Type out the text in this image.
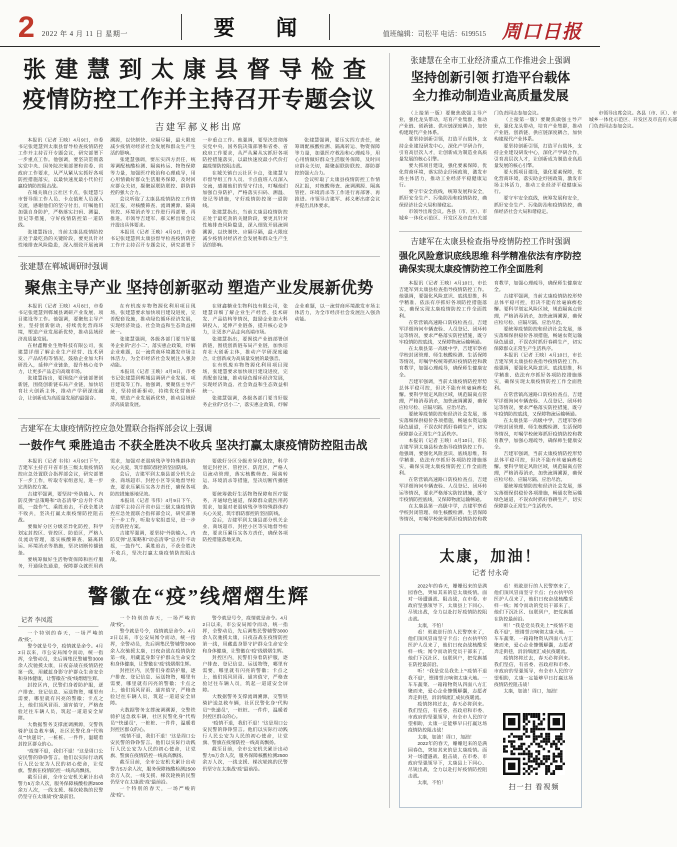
2 2022 年 4 月 11 日 星期一	要 闻	值班编辑：司松平 电话：6199515 周口日报
张建慧到太康县督导检查
疫情防控工作并主持召开专题会议
吉建军郝义彬出席

本报讯（记者 王映）4月9日，市委书记张建慧到太康县督导检查疫情防控工作并主持召开专题会议，研究部署下一步重点工作。他强调，要坚决贯彻落实党中央、国务院决策部署和省委、省政府工作要求，从严从紧从实抓好各项防控措施落实，以最快速度最小代价打赢疫情防控阻击战。

在城关镇白云社区卡点，张建慧与市督导组工作人员、卡点值班人员深入交流，感谢他们的坚守付出，叮嘱他们加强自身防护，严格落实扫码、测温、登记等措施，守好疫情防控第一道防线。

张建慧指出，当前太康县疫情防控正处于最吃劲的关键阶段，要更具针对性地排查风险隐患，深入细致开展流调溯源，以快制快、应隔尽隔，最大限度减少疫情对经济社会发展和群众生产生活的影响。

张建慧强调，要压实四方责任，统筹调配核酸检测、隔离转运、物资保障等力量，加强医疗救治和心理疏导，用心用情做好群众生活服务保障，及时回应群众关切，凝聚起联防联控、群防群控的强大合力。

会议听取了太康县疫情防控工作情况汇报，对核酸筛查、流调溯源、隔离管控、环境消杀等工作进行再部署、再推进。市领导吉建军、郝义彬出席会议并提出具体要求。

本报讯（记者 王映）4月9日，市委书记张建慧到太康县督导检查疫情防控工作并主持召开专题会议，研究部署下一步重点工作。他强调，要坚决贯彻落实党中央、国务院决策部署和省委、省政府工作要求，从严从紧从实抓好各项防控措施落实，以最快速度最小代价打赢疫情防控阻击战。

在城关镇白云社区卡点，张建慧与市督导组工作人员、卡点值班人员深入交流，感谢他们的坚守付出，叮嘱他们加强自身防护，严格落实扫码、测温、登记等措施，守好疫情防控第一道防线。

张建慧指出，当前太康县疫情防控正处于最吃劲的关键阶段，要更具针对性地排查风险隐患，深入细致开展流调溯源，以快制快、应隔尽隔，最大限度减少疫情对经济社会发展和群众生产生活的影响。

张建慧强调，要压实四方责任，统筹调配核酸检测、隔离转运、物资保障等力量，加强医疗救治和心理疏导，用心用情做好群众生活服务保障，及时回应群众关切，凝聚起联防联控、群防群控的强大合力。

会议听取了太康县疫情防控工作情况汇报，对核酸筛查、流调溯源、隔离管控、环境消杀等工作进行再部署、再推进。市领导吉建军、郝义彬出席会议并提出具体要求。

张建慧在郸城调研时强调
聚焦主导产业 坚持创新驱动 塑造产业发展新优势

本报讯（记者 王映）4月8日，市委书记张建慧到郸城县调研产业发展、项目建设等工作。他强调，要聚焦主导产业，坚持创新驱动，持续优化营商环境，塑造产业发展新优势，推动县域经济高质量发展。

在财鑫糖业生物科技有限公司，张建慧详细了解企业生产经营、技术研发、产品结构等情况，鼓励企业加大科研投入，延伸产业链条，提升核心竞争力，让更多产品走向高端市场。

张建慧指出，要围绕产业链部署创新链，围绕创新链布局产业链，加快培育壮大创新主体，推动产学研深度融合，让创新成为高质量发展的最强音。

在有机废弃物资源化利用项目现场，张建慧要求加快项目建设进度，完善配套设施，推动绿色循环经济发展，实现经济效益、社会效益和生态效益相统一。

张建慧强调，各级各部门要当好服务企业的“店小二”，落实惠企政策，纾解企业难题，以一流营商环境激发市场主体活力，为全市经济社会发展注入强劲动能。

本报讯（记者 王映）4月8日，市委书记张建慧到郸城县调研产业发展、项目建设等工作。他强调，要聚焦主导产业，坚持创新驱动，持续优化营商环境，塑造产业发展新优势，推动县域经济高质量发展。

在财鑫糖业生物科技有限公司，张建慧详细了解企业生产经营、技术研发、产品结构等情况，鼓励企业加大科研投入，延伸产业链条，提升核心竞争力，让更多产品走向高端市场。

张建慧指出，要围绕产业链部署创新链，围绕创新链布局产业链，加快培育壮大创新主体，推动产学研深度融合，让创新成为高质量发展的最强音。

在有机废弃物资源化利用项目现场，张建慧要求加快项目建设进度，完善配套设施，推动绿色循环经济发展，实现经济效益、社会效益和生态效益相统一。

张建慧强调，各级各部门要当好服务企业的“店小二”，落实惠企政策，纾解企业难题，以一流营商环境激发市场主体活力，为全市经济社会发展注入强劲动能。

吉建军在太康疫情防控应急处置联合指挥部会议上强调
一鼓作气 乘胜追击 不获全胜决不收兵 坚决打赢太康疫情防控阻击战

本报讯（记者 韦伟）4月9日下午，吉建军主持召开省市县三级太康疫情防控应急处置联合指挥部会议，研究部署下一步工作，听取专家组意见，进一步完善防控方案。

吉建军强调，要坚持“外防输入、内防反弹”总策略和“动态清零”总方针不动摇，一鼓作气、乘胜追击，不获全胜决不收兵，坚决打赢太康疫情防控阻击战。

要做好分区分级差异化防控，科学划定封控区、管控区、防范区，严格人员流动管理，落实核酸筛查、隔离转运、环境消杀等措施，坚决切断传播链条。

要统筹做好生活物资保障和医疗服务，开通绿色通道，保障群众就医用药需求，加强对老弱病残孕等特殊群体的关心关爱，筑牢群防群控的坚固防线。

会后，吉建军到太康县部分机关企业、商场超市、封控小区等实地督导检查，要求压紧压实各方责任，确保各项防控措施落地见效。

本报讯（记者 韦伟）4月9日下午，吉建军主持召开省市县三级太康疫情防控应急处置联合指挥部会议，研究部署下一步工作，听取专家组意见，进一步完善防控方案。

吉建军强调，要坚持“外防输入、内防反弹”总策略和“动态清零”总方针不动摇，一鼓作气、乘胜追击，不获全胜决不收兵，坚决打赢太康疫情防控阻击战。

要做好分区分级差异化防控，科学划定封控区、管控区、防范区，严格人员流动管理，落实核酸筛查、隔离转运、环境消杀等措施，坚决切断传播链条。

要统筹做好生活物资保障和医疗服务，开通绿色通道，保障群众就医用药需求，加强对老弱病残孕等特殊群体的关心关爱，筑牢群防群控的坚固防线。

会后，吉建军到太康县部分机关企业、商场超市、封控小区等实地督导检查，要求压紧压实各方责任，确保各项防控措施落地见效。

警徽在“疫”线熠熠生辉

记者 李凤霞

一个特别的春天，一场严峻的战“疫”。

警令就是号令，疫情就是命令。4月2日以来，市公安局闻令而动，统一指挥，全警动员，先后调集民警辅警3000余人次驰援太康，日夜奋战在疫情防控第一线，用藏蓝身影守护群众生命安全和身体健康，让警徽在“疫”线熠熠生辉。

封控区内，民警们身着防护服，逐户排查、登记信息、运送物资，哪里有需要，哪里就有闪亮的警徽；卡点之上，他们顶风冒雨、通宵值守，严格查验过往车辆人员，筑起一道道安全屏障。

大数据警务支撑流调溯源，交警铁骑护送急救车辆，社区民警化身“代购员”“快递员”，一桩桩、一件件，温暖着封控区群众的心。

“疫情不退，我们不退！”这是周口公安民警的铮铮誓言。他们以实际行动践行人民公安为人民的初心使命，让党旗、警旗在疫情防控一线高高飘扬。

截至目前，全市公安机关累计出动警力5万余人次，服务保障核酸检测2500余万人次，一线支援、梯次轮换的民警仍坚守在太康战“疫”最前沿。

一个特别的春天，一场严峻的战“疫”。

警令就是号令，疫情就是命令。4月2日以来，市公安局闻令而动，统一指挥，全警动员，先后调集民警辅警3000余人次驰援太康，日夜奋战在疫情防控第一线，用藏蓝身影守护群众生命安全和身体健康，让警徽在“疫”线熠熠生辉。

封控区内，民警们身着防护服，逐户排查、登记信息、运送物资，哪里有需要，哪里就有闪亮的警徽；卡点之上，他们顶风冒雨、通宵值守，严格查验过往车辆人员，筑起一道道安全屏障。

大数据警务支撑流调溯源，交警铁骑护送急救车辆，社区民警化身“代购员”“快递员”，一桩桩、一件件，温暖着封控区群众的心。

“疫情不退，我们不退！”这是周口公安民警的铮铮誓言。他们以实际行动践行人民公安为人民的初心使命，让党旗、警旗在疫情防控一线高高飘扬。

截至目前，全市公安机关累计出动警力5万余人次，服务保障核酸检测2500余万人次，一线支援、梯次轮换的民警仍坚守在太康战“疫”最前沿。

一个特别的春天，一场严峻的战“疫”。

警令就是号令，疫情就是命令。4月2日以来，市公安局闻令而动，统一指挥，全警动员，先后调集民警辅警3000余人次驰援太康，日夜奋战在疫情防控第一线，用藏蓝身影守护群众生命安全和身体健康，让警徽在“疫”线熠熠生辉。

封控区内，民警们身着防护服，逐户排查、登记信息、运送物资，哪里有需要，哪里就有闪亮的警徽；卡点之上，他们顶风冒雨、通宵值守，严格查验过往车辆人员，筑起一道道安全屏障。

大数据警务支撑流调溯源，交警铁骑护送急救车辆，社区民警化身“代购员”“快递员”，一桩桩、一件件，温暖着封控区群众的心。

“疫情不退，我们不退！”这是周口公安民警的铮铮誓言。他们以实际行动践行人民公安为人民的初心使命，让党旗、警旗在疫情防控一线高高飘扬。

截至目前，全市公安机关累计出动警力5万余人次，服务保障核酸检测2500余万人次，一线支援、梯次轮换的民警仍坚守在太康战“疫”最前沿。

张建慧在全市工业经济重点工作推进会上强调
坚持创新引领 打造平台载体
全力推动制造业高质量发展

（上接第一版）要聚焦做强主导产业，强化龙头带动，培育产业集群，推动产业链、创新链、供应链深度耦合，加快构建现代产业体系。

要坚持创新引领，打造平台载体，支持企业建设研发中心，深化产学研合作，引育高层次人才，让创新成为制造业高质量发展的核心引擎。

要大抓项目建设，强化要素保障，优化营商环境，落实助企纾困政策，激发市场主体活力，推动工业经济平稳健康运行。

要守牢安全底线，统筹发展和安全，抓好安全生产、污染防治和疫情防控，确保经济社会大局和谐稳定。

市领导出席会议。各县（市、区）、市城乡一体化示范区、开发区及市直有关部门负责同志参加会议。

（上接第一版）要聚焦做强主导产业，强化龙头带动，培育产业集群，推动产业链、创新链、供应链深度耦合，加快构建现代产业体系。

要坚持创新引领，打造平台载体，支持企业建设研发中心，深化产学研合作，引育高层次人才，让创新成为制造业高质量发展的核心引擎。

要大抓项目建设，强化要素保障，优化营商环境，落实助企纾困政策，激发市场主体活力，推动工业经济平稳健康运行。

要守牢安全底线，统筹发展和安全，抓好安全生产、污染防治和疫情防控，确保经济社会大局和谐稳定。

市领导出席会议。各县（市、区）、市城乡一体化示范区、开发区及市直有关部门负责同志参加会议。

吉建军在太康县检查指导疫情防控工作时强调
强化风险意识底线思维 科学精准依法有序防控
确保实现太康疫情防控工作全面胜利

本报讯（记者 王映）4月10日，市长吉建军到太康县检查指导疫情防控工作。他强调，要强化风险意识、底线思维，科学精准、依法有序抓好各项防控措施落实，确保实现太康疫情防控工作全面胜利。

在常营镇高速路口防疫检查点，吉建军详细询问车辆查验、人员登记、闭环转运等情况，要求严格落实防控措施，既守牢疫情防控底线，又保障物流运输畅通。

在太康县第一高级中学，吉建军察看学校封闭管理、师生核酸检测、生活保障等情况，叮嘱学校统筹抓好疫情防控和教育教学，加强心理疏导，确保师生健康安全。

吉建军强调，当前太康疫情防控形势总体平稳可控，但决不能有丝毫麻痹松懈。要科学划定风险区域，规范隔离点管理，严格消毒消杀，加快流调溯源，确保应检尽检、应隔尽隔、应治尽治。

要统筹疫情防控和经济社会发展，落实落细保供稳价各项措施，畅通农资运输绿色通道，不误农时抓好春耕生产，切实保障群众正常生产生活秩序。

本报讯（记者 王映）4月10日，市长吉建军到太康县检查指导疫情防控工作。他强调，要强化风险意识、底线思维，科学精准、依法有序抓好各项防控措施落实，确保实现太康疫情防控工作全面胜利。

在常营镇高速路口防疫检查点，吉建军详细询问车辆查验、人员登记、闭环转运等情况，要求严格落实防控措施，既守牢疫情防控底线，又保障物流运输畅通。

在太康县第一高级中学，吉建军察看学校封闭管理、师生核酸检测、生活保障等情况，叮嘱学校统筹抓好疫情防控和教育教学，加强心理疏导，确保师生健康安全。

吉建军强调，当前太康疫情防控形势总体平稳可控，但决不能有丝毫麻痹松懈。要科学划定风险区域，规范隔离点管理，严格消毒消杀，加快流调溯源，确保应检尽检、应隔尽隔、应治尽治。

要统筹疫情防控和经济社会发展，落实落细保供稳价各项措施，畅通农资运输绿色通道，不误农时抓好春耕生产，切实保障群众正常生产生活秩序。

本报讯（记者 王映）4月10日，市长吉建军到太康县检查指导疫情防控工作。他强调，要强化风险意识、底线思维，科学精准、依法有序抓好各项防控措施落实，确保实现太康疫情防控工作全面胜利。

在常营镇高速路口防疫检查点，吉建军详细询问车辆查验、人员登记、闭环转运等情况，要求严格落实防控措施，既守牢疫情防控底线，又保障物流运输畅通。

在太康县第一高级中学，吉建军察看学校封闭管理、师生核酸检测、生活保障等情况，叮嘱学校统筹抓好疫情防控和教育教学，加强心理疏导，确保师生健康安全。

吉建军强调，当前太康疫情防控形势总体平稳可控，但决不能有丝毫麻痹松懈。要科学划定风险区域，规范隔离点管理，严格消毒消杀，加快流调溯源，确保应检尽检、应隔尽隔、应治尽治。

要统筹疫情防控和经济社会发展，落实落细保供稳价各项措施，畅通农资运输绿色通道，不误农时抓好春耕生产，切实保障群众正常生产生活秩序。

太康，加油！
记者 付永奇

2022年的春天，姗姗迟来的是满园春色，突如其来的是太康疫情。面对一场遭遇战、阻击战，在市委、市政府坚强领导下，太康县上下同心、尽锐出战，全力以赴打好疫情防控阻击战。

太康，不怕！

看！勇敢逆行的人民警察来了，他们顶风冒雨坚守卡点；白衣执甲的医护人员来了，他们日夜奋战核酸采样一线；闻令而动的党员干部来了，他们下沉社区、包联到户，把党旗插在防控最前沿。

听！“我是党员我先上”“疫情不退我不退”，铿锵誓言响彻太康大地。一车车蔬菜、一箱箱物资从四面八方汇聚而来，爱心企业慷慨解囊，志愿者奔走街巷，涓涓细流汇成抗疫暖流。

疫情终将过去，春天必将到来。我们坚信，有省委、省政府和市委、市政府的坚强领导，有全市人民的守望相助，太康一定能够早日打赢这场疫情防控阻击战！

太康，加油！周口，加油！

2022年的春天，姗姗迟来的是满园春色，突如其来的是太康疫情。面对一场遭遇战、阻击战，在市委、市政府坚强领导下，太康县上下同心、尽锐出战，全力以赴打好疫情防控阻击战。

太康，不怕！

看！勇敢逆行的人民警察来了，他们顶风冒雨坚守卡点；白衣执甲的医护人员来了，他们日夜奋战核酸采样一线；闻令而动的党员干部来了，他们下沉社区、包联到户，把党旗插在防控最前沿。

听！“我是党员我先上”“疫情不退我不退”，铿锵誓言响彻太康大地。一车车蔬菜、一箱箱物资从四面八方汇聚而来，爱心企业慷慨解囊，志愿者奔走街巷，涓涓细流汇成抗疫暖流。

疫情终将过去，春天必将到来。我们坚信，有省委、省政府和市委、市政府的坚强领导，有全市人民的守望相助，太康一定能够早日打赢这场疫情防控阻击战！

太康，加油！周口，加油！

扫一扫 看视频
